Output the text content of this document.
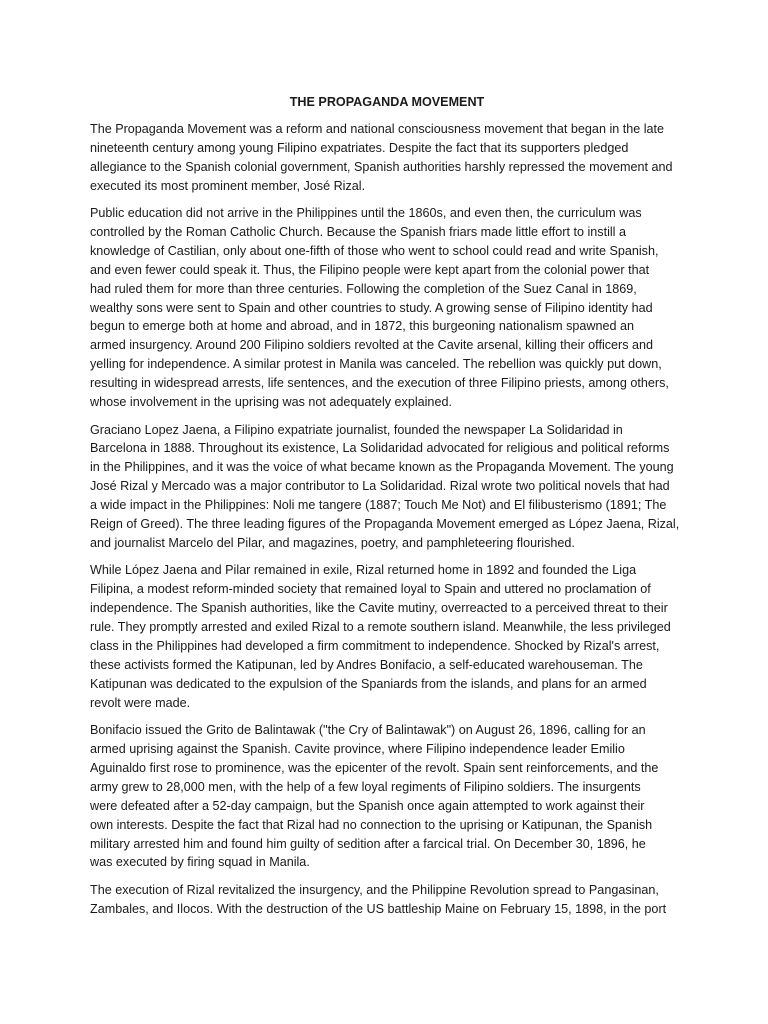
THE PROPAGANDA MOVEMENT
The Propaganda Movement was a reform and national consciousness movement that began in the late
nineteenth century among young Filipino expatriates. Despite the fact that its supporters pledged
allegiance to the Spanish colonial government, Spanish authorities harshly repressed the movement and
executed its most prominent member, José Rizal.
Public education did not arrive in the Philippines until the 1860s, and even then, the curriculum was
controlled by the Roman Catholic Church. Because the Spanish friars made little effort to instill a
knowledge of Castilian, only about one-fifth of those who went to school could read and write Spanish,
and even fewer could speak it. Thus, the Filipino people were kept apart from the colonial power that
had ruled them for more than three centuries. Following the completion of the Suez Canal in 1869,
wealthy sons were sent to Spain and other countries to study. A growing sense of Filipino identity had
begun to emerge both at home and abroad, and in 1872, this burgeoning nationalism spawned an
armed insurgency. Around 200 Filipino soldiers revolted at the Cavite arsenal, killing their officers and
yelling for independence. A similar protest in Manila was canceled. The rebellion was quickly put down,
resulting in widespread arrests, life sentences, and the execution of three Filipino priests, among others,
whose involvement in the uprising was not adequately explained.
Graciano Lopez Jaena, a Filipino expatriate journalist, founded the newspaper La Solidaridad in
Barcelona in 1888. Throughout its existence, La Solidaridad advocated for religious and political reforms
in the Philippines, and it was the voice of what became known as the Propaganda Movement. The young
José Rizal y Mercado was a major contributor to La Solidaridad. Rizal wrote two political novels that had
a wide impact in the Philippines: Noli me tangere (1887; Touch Me Not) and El filibusterismo (1891; The
Reign of Greed). The three leading figures of the Propaganda Movement emerged as López Jaena, Rizal,
and journalist Marcelo del Pilar, and magazines, poetry, and pamphleteering flourished.
While López Jaena and Pilar remained in exile, Rizal returned home in 1892 and founded the Liga
Filipina, a modest reform-minded society that remained loyal to Spain and uttered no proclamation of
independence. The Spanish authorities, like the Cavite mutiny, overreacted to a perceived threat to their
rule. They promptly arrested and exiled Rizal to a remote southern island. Meanwhile, the less privileged
class in the Philippines had developed a firm commitment to independence. Shocked by Rizal's arrest,
these activists formed the Katipunan, led by Andres Bonifacio, a self-educated warehouseman. The
Katipunan was dedicated to the expulsion of the Spaniards from the islands, and plans for an armed
revolt were made.
Bonifacio issued the Grito de Balintawak ("the Cry of Balintawak") on August 26, 1896, calling for an
armed uprising against the Spanish. Cavite province, where Filipino independence leader Emilio
Aguinaldo first rose to prominence, was the epicenter of the revolt. Spain sent reinforcements, and the
army grew to 28,000 men, with the help of a few loyal regiments of Filipino soldiers. The insurgents
were defeated after a 52-day campaign, but the Spanish once again attempted to work against their
own interests. Despite the fact that Rizal had no connection to the uprising or Katipunan, the Spanish
military arrested him and found him guilty of sedition after a farcical trial. On December 30, 1896, he
was executed by firing squad in Manila.
The execution of Rizal revitalized the insurgency, and the Philippine Revolution spread to Pangasinan,
Zambales, and Ilocos. With the destruction of the US battleship Maine on February 15, 1898, in the port
